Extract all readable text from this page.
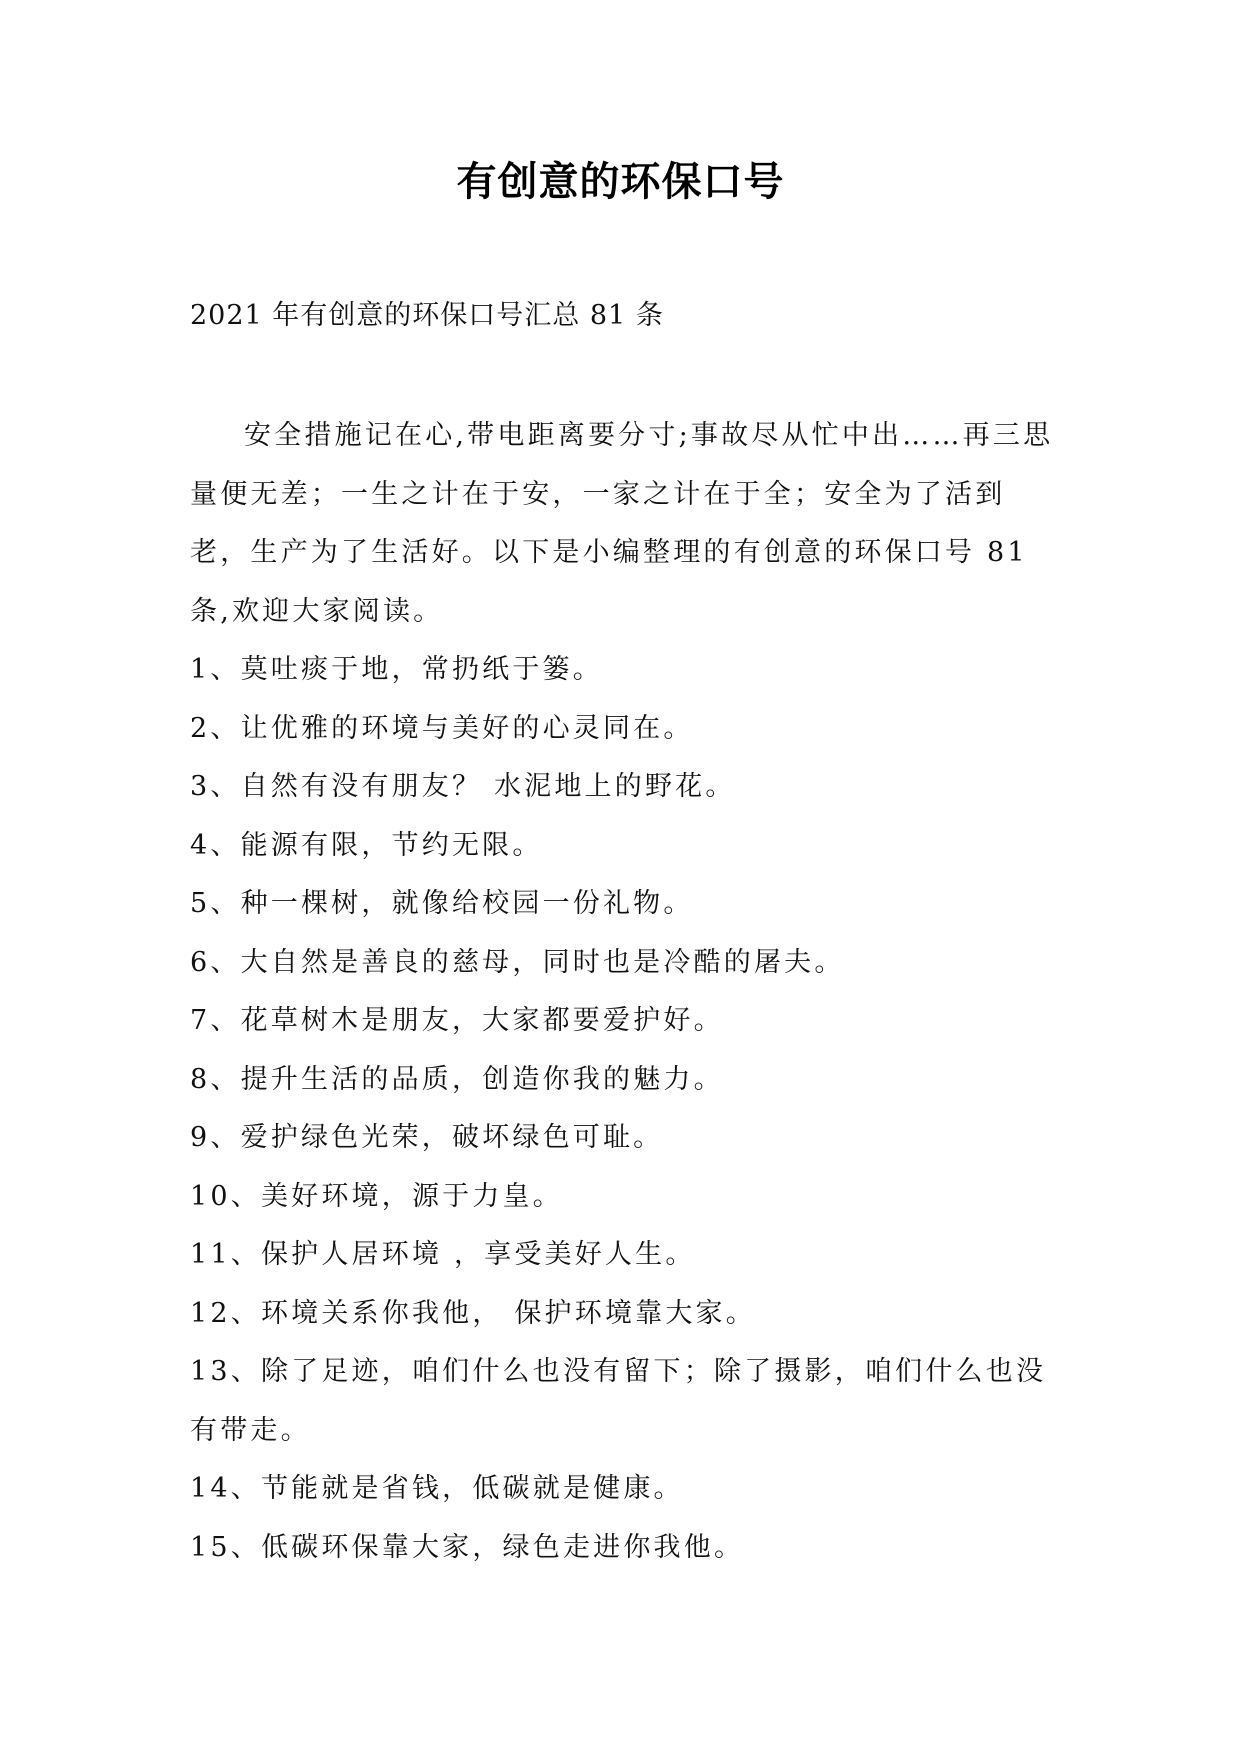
有创意的环保口号
2021 年有创意的环保口号汇总 81 条

安全措施记在心,带电距离要分寸;事故尽从忙中出……再三思量便无差；一生之计在于安，一家之计在于全；安全为了活到老，生产为了生活好。以下是小编整理的有创意的环保口号 81 条,欢迎大家阅读。

1、莫吐痰于地，常扔纸于篓。

2、让优雅的环境与美好的心灵同在。

3、自然有没有朋友？ 水泥地上的野花。

4、能源有限，节约无限。

5、种一棵树，就像给校园一份礼物。

6、大自然是善良的慈母，同时也是冷酷的屠夫。

7、花草树木是朋友，大家都要爱护好。

8、提升生活的品质，创造你我的魅力。

9、爱护绿色光荣，破坏绿色可耻。

10、美好环境，源于力皇。

11、保护人居环境 ，享受美好人生。

12、环境关系你我他， 保护环境靠大家。

13、除了足迹，咱们什么也没有留下；除了摄影，咱们什么也没有带走。

14、节能就是省钱，低碳就是健康。

15、低碳环保靠大家，绿色走进你我他。
